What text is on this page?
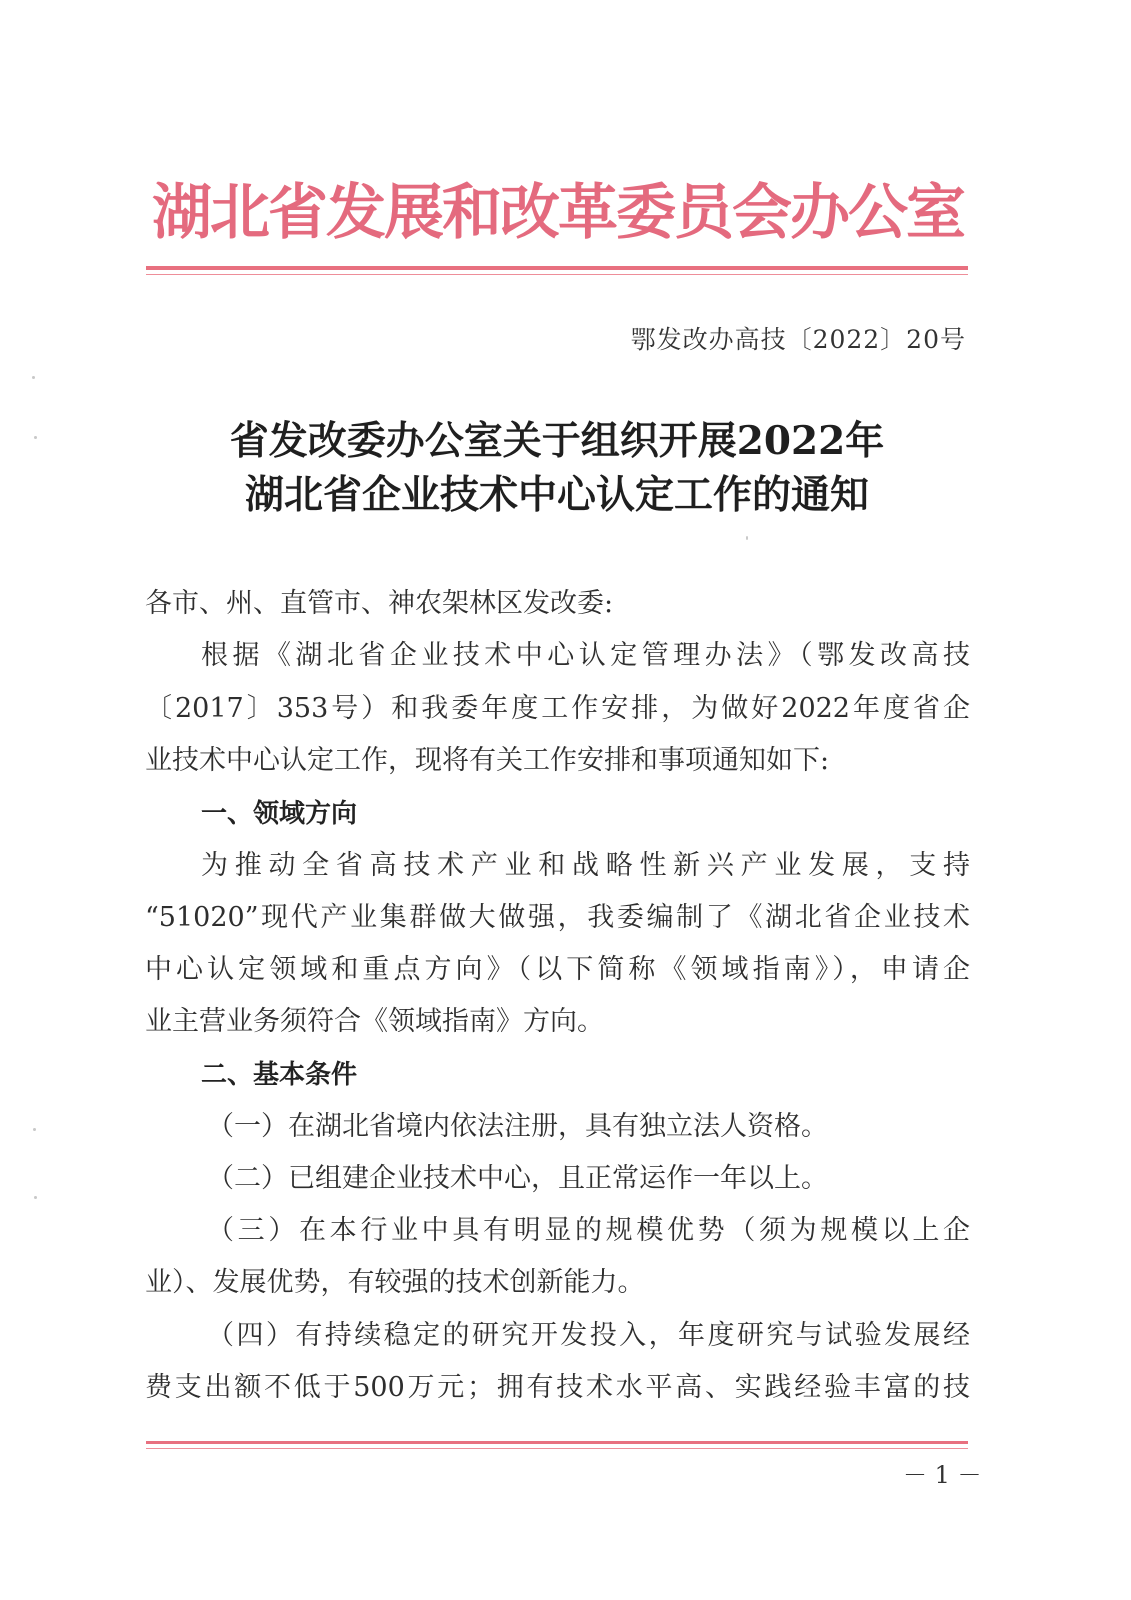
湖北省发展和改革委员会办公室
鄂发改办高技〔2022〕20号
省发改委办公室关于组织开展2022年
湖北省企业技术中心认定工作的通知
各市、州、直管市、神农架林区发改委:
根据《湖北省企业技术中心认定管理办法》（鄂发改高技
〔2017〕353号）和我委年度工作安排，为做好2022年度省企
业技术中心认定工作，现将有关工作安排和事项通知如下:
一、领域方向
为推动全省高技术产业和战略性新兴产业发展，支持
“51020”现代产业集群做大做强，我委编制了《湖北省企业技术
中心认定领域和重点方向》（以下简称《领域指南》），申请企
业主营业务须符合《领域指南》方向。
二、基本条件
（一）在湖北省境内依法注册，具有独立法人资格。
（二）已组建企业技术中心，且正常运作一年以上。
（三）在本行业中具有明显的规模优势（须为规模以上企
业）、发展优势，有较强的技术创新能力。
（四）有持续稳定的研究开发投入，年度研究与试验发展经
费支出额不低于500万元；拥有技术水平高、实践经验丰富的技
－ 1 －
